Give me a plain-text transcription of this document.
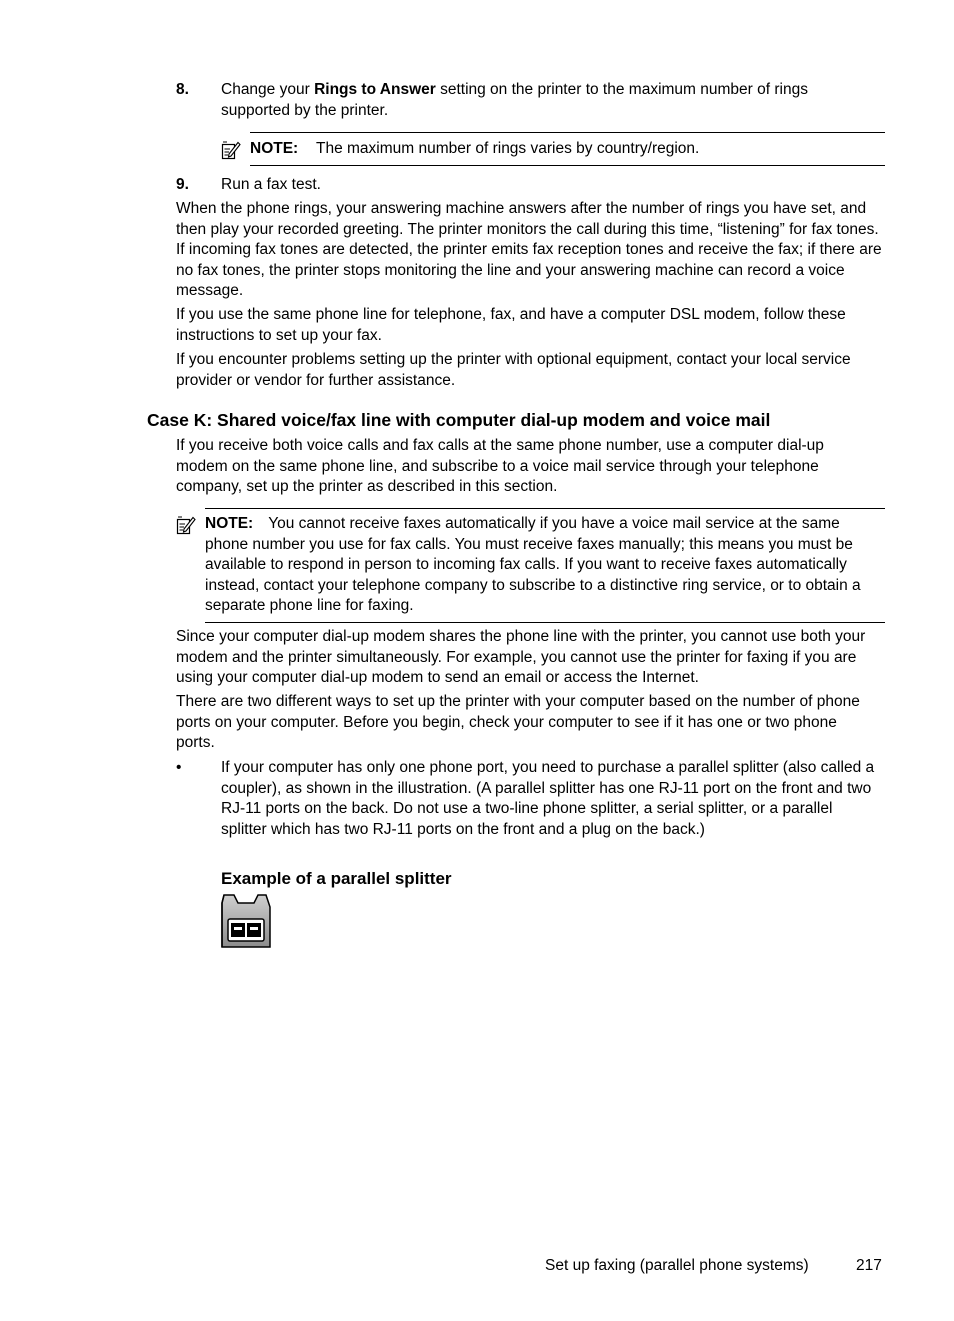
8. Change your Rings to Answer setting on the printer to the maximum number of rings supported by the printer.
NOTE: The maximum number of rings varies by country/region.
9. Run a fax test.
When the phone rings, your answering machine answers after the number of rings you have set, and then play your recorded greeting. The printer monitors the call during this time, “listening” for fax tones. If incoming fax tones are detected, the printer emits fax reception tones and receive the fax; if there are no fax tones, the printer stops monitoring the line and your answering machine can record a voice message.
If you use the same phone line for telephone, fax, and have a computer DSL modem, follow these instructions to set up your fax.
If you encounter problems setting up the printer with optional equipment, contact your local service provider or vendor for further assistance.
Case K: Shared voice/fax line with computer dial-up modem and voice mail
If you receive both voice calls and fax calls at the same phone number, use a computer dial-up modem on the same phone line, and subscribe to a voice mail service through your telephone company, set up the printer as described in this section.
NOTE: You cannot receive faxes automatically if you have a voice mail service at the same phone number you use for fax calls. You must receive faxes manually; this means you must be available to respond in person to incoming fax calls. If you want to receive faxes automatically instead, contact your telephone company to subscribe to a distinctive ring service, or to obtain a separate phone line for faxing.
Since your computer dial-up modem shares the phone line with the printer, you cannot use both your modem and the printer simultaneously. For example, you cannot use the printer for faxing if you are using your computer dial-up modem to send an email or access the Internet.
There are two different ways to set up the printer with your computer based on the number of phone ports on your computer. Before you begin, check your computer to see if it has one or two phone ports.
•	If your computer has only one phone port, you need to purchase a parallel splitter (also called a coupler), as shown in the illustration. (A parallel splitter has one RJ-11 port on the front and two RJ-11 ports on the back. Do not use a two-line phone splitter, a serial splitter, or a parallel splitter which has two RJ-11 ports on the front and a plug on the back.)
Example of a parallel splitter
Set up faxing (parallel phone systems)	217
